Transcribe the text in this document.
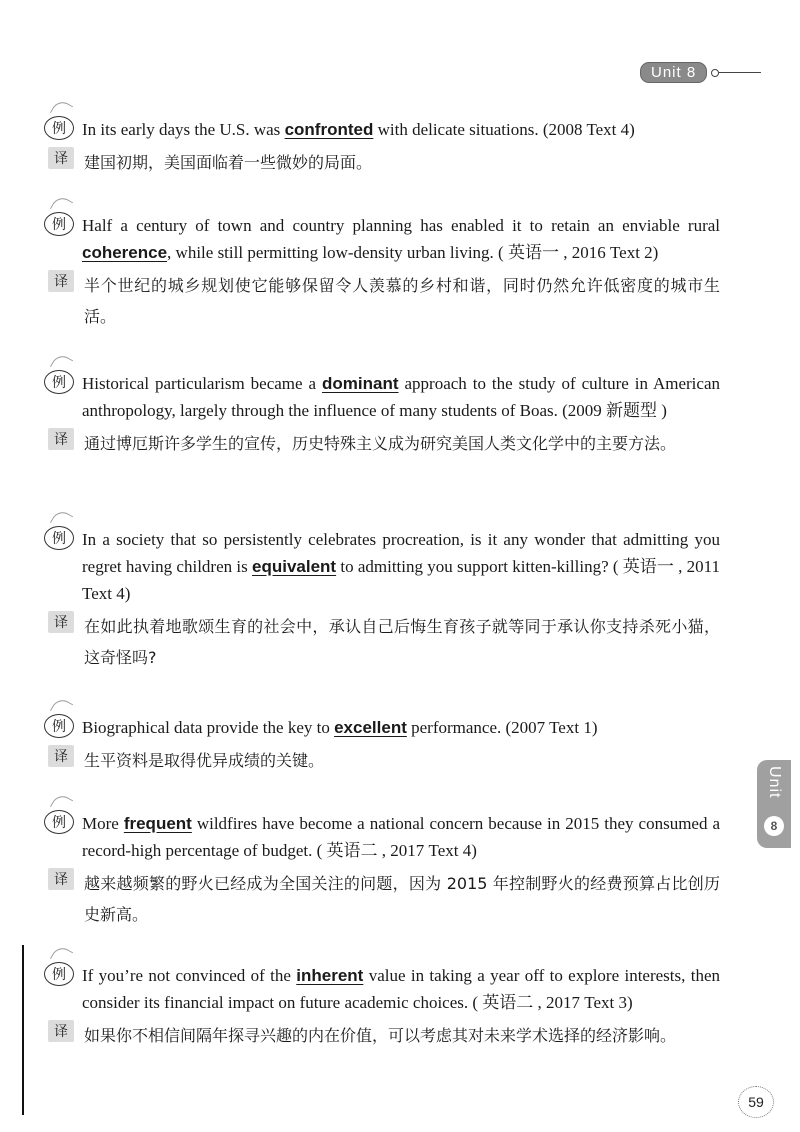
Unit 8
Unit
8
例 In its early days the U.S. was confronted with delicate situations. (2008 Text 4)
译	建国初期，美国面临着一些微妙的局面。
例 Half a century of town and country planning has enabled it to retain an enviable rural coherence, while still permitting low-density urban living. ( 英语一 , 2016 Text 2)
译	半个世纪的城乡规划使它能够保留令人羡慕的乡村和谐，同时仍然允许低密度的城市生活。
例 Historical particularism became a dominant approach to the study of culture in American anthropology, largely through the influence of many students of Boas. (2009 新题型 )
译	通过博厄斯许多学生的宣传，历史特殊主义成为研究美国人类文化学中的主要方法。
例 In a society that so persistently celebrates procreation, is it any wonder that admitting you regret having children is equivalent to admitting you support kitten-killing? ( 英语一 , 2011 Text 4)
译	在如此执着地歌颂生育的社会中，承认自己后悔生育孩子就等同于承认你支持杀死小猫，这奇怪吗?
例 Biographical data provide the key to excellent performance. (2007 Text 1)
译	生平资料是取得优异成绩的关键。
例 More frequent wildfires have become a national concern because in 2015 they consumed a record-high percentage of budget. ( 英语二 , 2017 Text 4)
译	越来越频繁的野火已经成为全国关注的问题，因为 2015 年控制野火的经费预算占比创历史新高。
例 If you’re not convinced of the inherent value in taking a year off to explore interests, then consider its financial impact on future academic choices. ( 英语二 , 2017 Text 3)
译	如果你不相信间隔年探寻兴趣的内在价值，可以考虑其对未来学术选择的经济影响。
59
